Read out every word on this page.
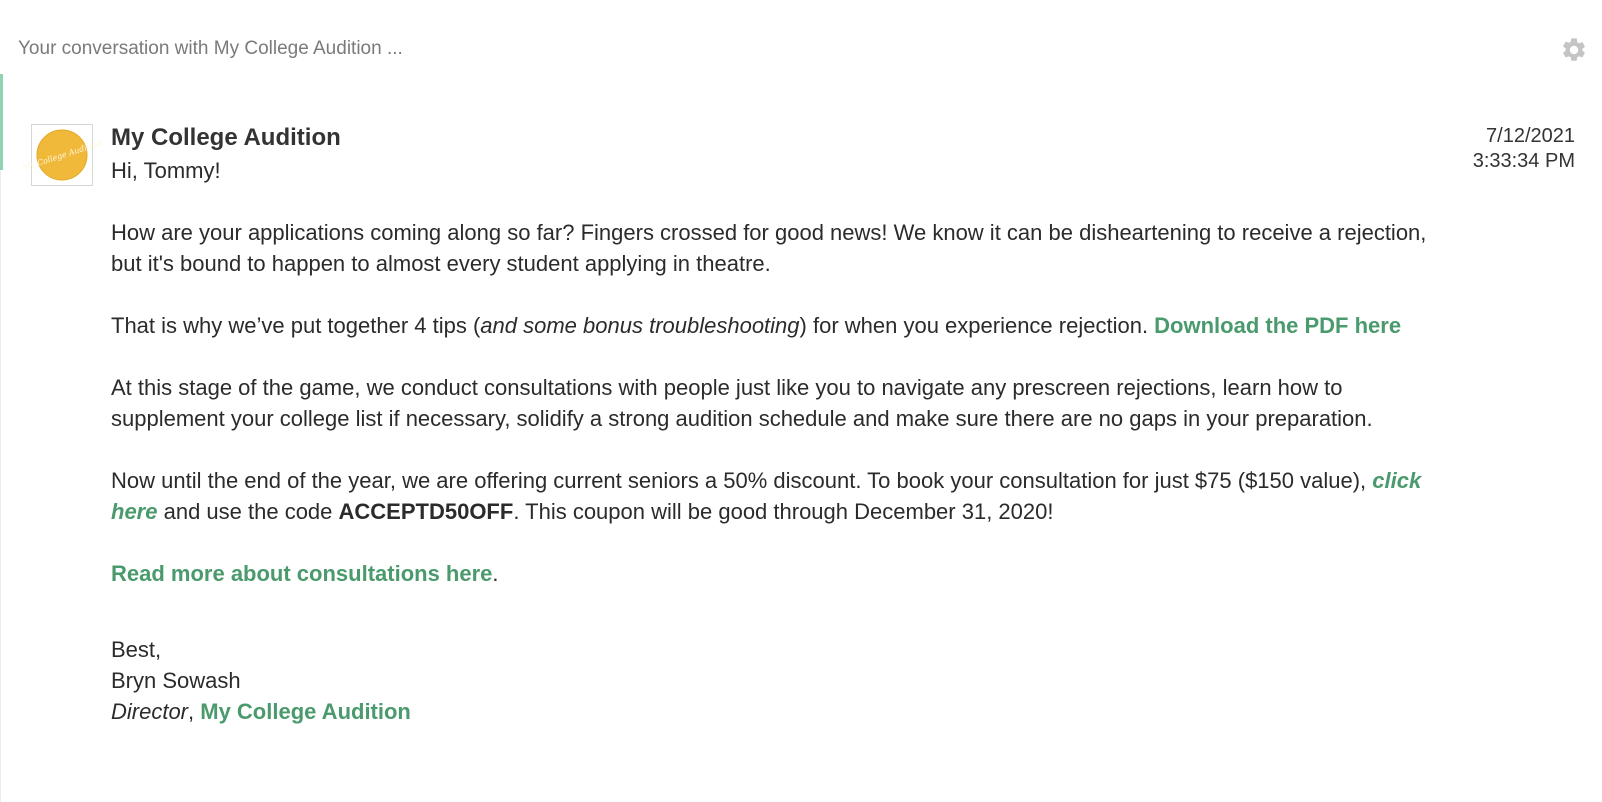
Your conversation with My College Audition ...
My College Audition
My College Audition	7/12/2021
3:33:34 PM

Hi, Tommy!

How are your applications coming along so far? Fingers crossed for good news! We know it can be disheartening to receive a rejection, but it's bound to happen to almost every student applying in theatre.

That is why we’ve put together 4 tips (and some bonus troubleshooting) for when you experience rejection. Download the PDF here

At this stage of the game, we conduct consultations with people just like you to navigate any prescreen rejections, learn how to supplement your college list if necessary, solidify a strong audition schedule and make sure there are no gaps in your preparation.

Now until the end of the year, we are offering current seniors a 50% discount. To book your consultation for just $75 ($150 value), click here and use the code ACCEPTD50OFF. This coupon will be good through December 31, 2020!

Read more about consultations here.

Best,

Bryn Sowash

Director, My College Audition
